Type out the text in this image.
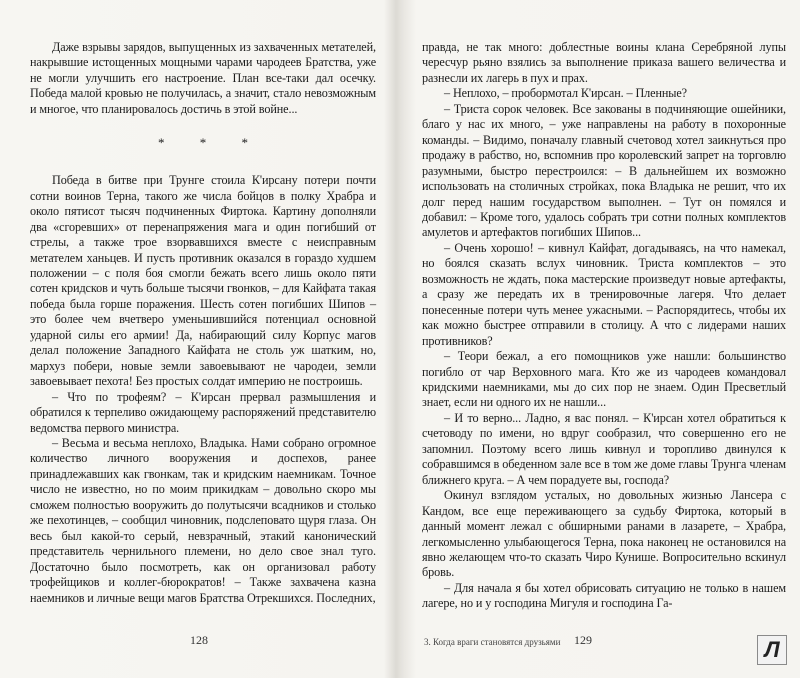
Даже взрывы зарядов, выпущенных из захваченных метателей, накрывшие истощенных мощными чарами чародеев Братства, уже не могли улучшить его настроение. План все-таки дал осечку. Победа малой кровью не получилась, а значит, стало невозможным и многое, что планировалось достичь в этой войне...

* * *

Победа в битве при Трунге стоила К'ирсану потери почти сотни воинов Терна, такого же числа бойцов в полку Храбра и около пятисот тысяч подчиненных Фиртока. Картину дополняли два «сгоревших» от перенапряжения мага и один погибший от стрелы, а также трое взорвавшихся вместе с неисправным метателем ханьцев. И пусть противник оказался в гораздо худшем положении – с поля боя смогли бежать всего лишь около пяти сотен кридсков и чуть больше тысячи гвонков, – для Кайфата такая победа была горше поражения. Шесть сотен погибших Шипов – это более чем вчетверо уменьшившийся потенциал основной ударной силы его армии! Да, набирающий силу Корпус магов делал положение Западного Кайфата не столь уж шатким, но, мархуз побери, новые земли завоевывают не чародеи, земли завоевывает пехота! Без простых солдат империю не построишь.

– Что по трофеям? – К'ирсан прервал размышления и обратился к терпеливо ожидающему распоряжений представителю ведомства первого министра.

– Весьма и весьма неплохо, Владыка. Нами собрано огромное количество личного вооружения и доспехов, ранее принадлежавших как гвонкам, так и кридским наемникам. Точное число не известно, но по моим прикидкам – довольно скоро мы сможем полностью вооружить до полутысячи всадников и столько же пехотинцев, – сообщил чиновник, подслеповато щуря глаза. Он весь был какой-то серый, невзрачный, этакий канонический представитель чернильного племени, но дело свое знал туго. Достаточно было посмотреть, как он организовал работу трофейщиков и коллег-бюрократов! – Также захвачена казна наемников и личные вещи магов Братства Отрекшихся. Последних,

128

правда, не так много: доблестные воины клана Серебряной лупы чересчур рьяно взялись за выполнение приказа вашего величества и разнесли их лагерь в пух и прах.

– Неплохо, – пробормотал К'ирсан. – Пленные?

– Триста сорок человек. Все закованы в подчиняющие ошейники, благо у нас их много, – уже направлены на работу в похоронные команды. – Видимо, поначалу главный счетовод хотел заикнуться про продажу в рабство, но, вспомнив про королевский запрет на торговлю разумными, быстро перестроился: – В дальнейшем их возможно использовать на столичных стройках, пока Владыка не решит, что их долг перед нашим государством выполнен. – Тут он помялся и добавил: – Кроме того, удалось собрать три сотни полных комплектов амулетов и артефактов погибших Шипов...

– Очень хорошо! – кивнул Кайфат, догадываясь, на что намекал, но боялся сказать вслух чиновник. Триста комплектов – это возможность не ждать, пока мастерские произведут новые артефакты, а сразу же передать их в тренировочные лагеря. Что делает понесенные потери чуть менее ужасными. – Распорядитесь, чтобы их как можно быстрее отправили в столицу. А что с лидерами наших противников?

– Теори бежал, а его помощников уже нашли: большинство погибло от чар Верховного мага. Кто же из чародеев командовал кридскими наемниками, мы до сих пор не знаем. Один Пресветлый знает, если ни одного их не нашли...

– И то верно... Ладно, я вас понял. – К'ирсан хотел обратиться к счетоводу по имени, но вдруг сообразил, что совершенно его не запомнил. Поэтому всего лишь кивнул и торопливо двинулся к собравшимся в обеденном зале все в том же доме главы Трунга членам ближнего круга. – А чем порадуете вы, господа?

Окинул взглядом усталых, но довольных жизнью Лансера с Кандом, все еще переживающего за судьбу Фиртока, который в данный момент лежал с обширными ранами в лазарете, – Храбра, легкомысленно улыбающегося Терна, пока наконец не остановился на явно желающем что-то сказать Чиро Кунише. Вопросительно вскинул бровь.

– Для начала я бы хотел обрисовать ситуацию не только в нашем лагере, но и у господина Мигуля и господина Га-

3. Когда враги становятся друзьями 129	Л
